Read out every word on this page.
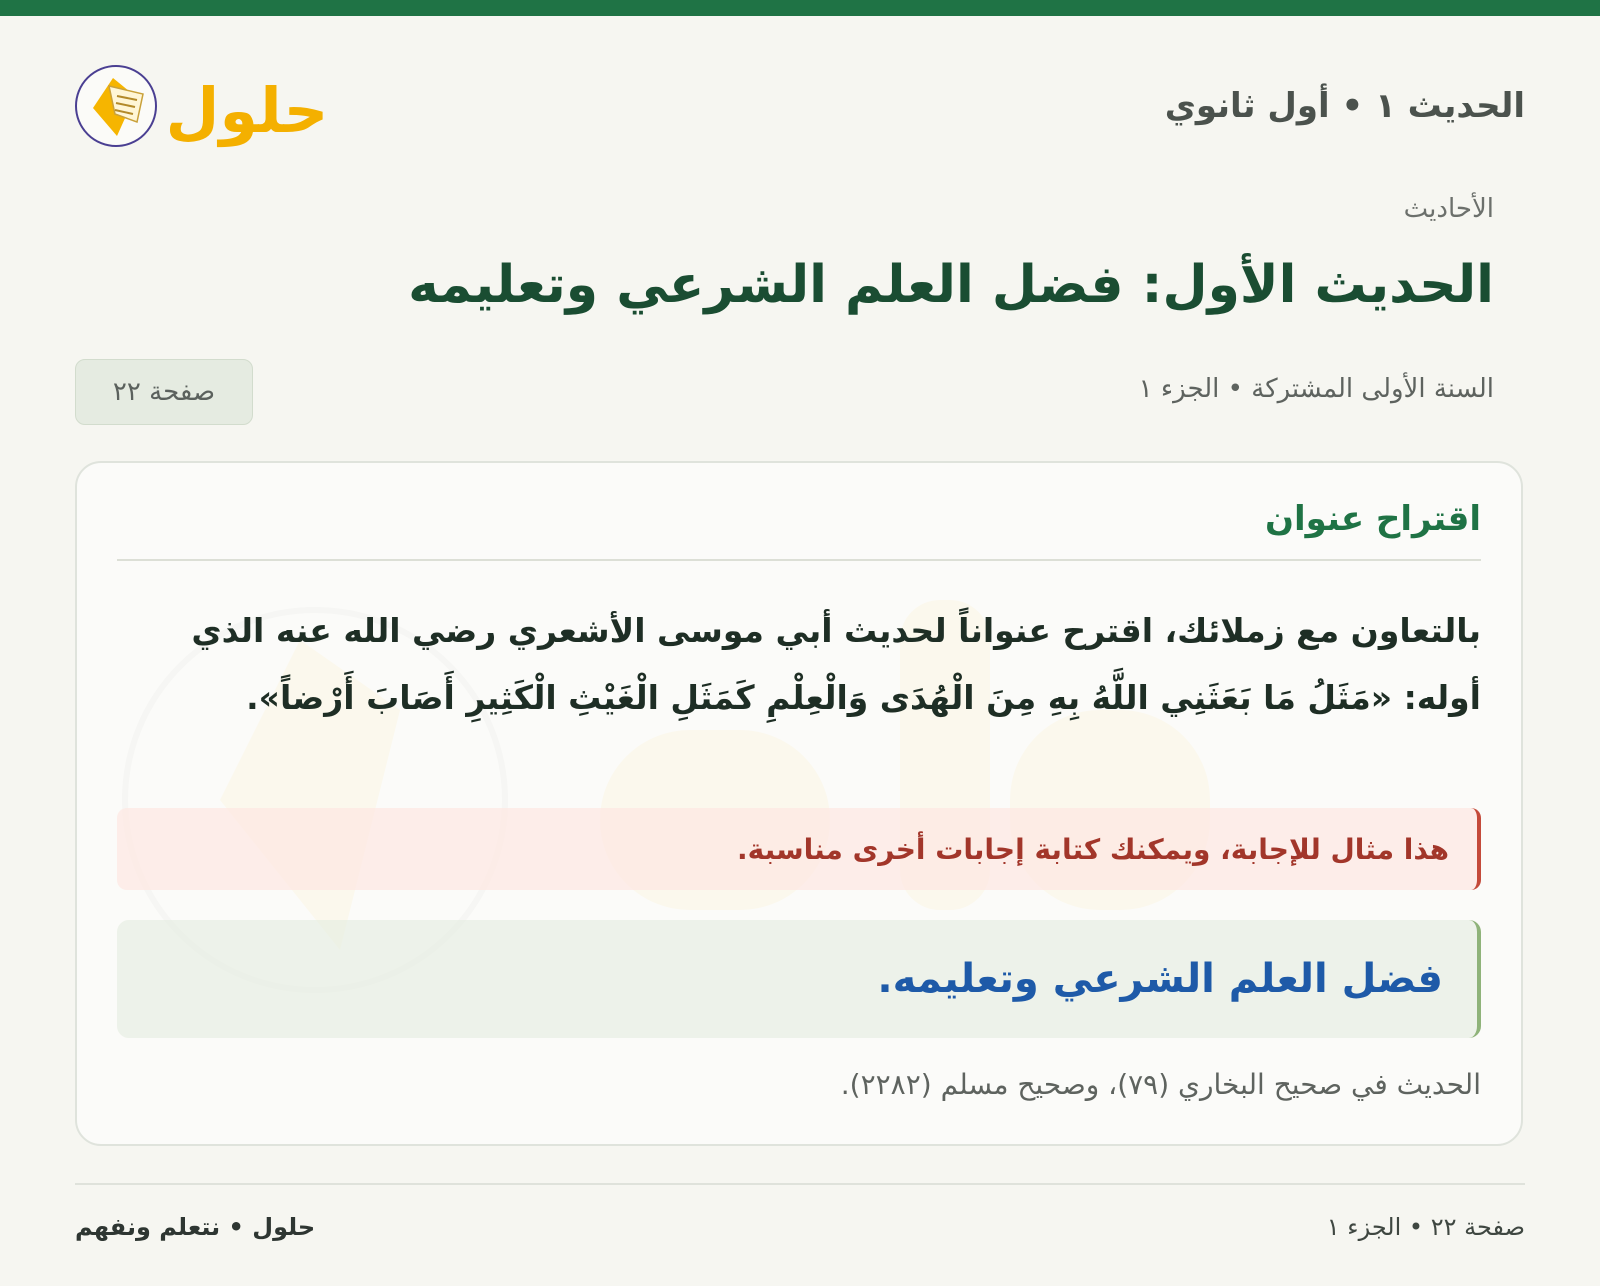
الحديث ١ • أول ثانوي
حلول
الأحاديث
الحديث الأول: فضل العلم الشرعي وتعليمه
السنة الأولى المشتركة • الجزء ١
صفحة ٢٢
اقتراح عنوان
بالتعاون مع زملائك، اقترح عنواناً لحديث أبي موسى الأشعري رضي الله عنه الذي أوله: «مَثَلُ مَا بَعَثَنِي اللَّهُ بِهِ مِنَ الْهُدَى وَالْعِلْمِ كَمَثَلِ الْغَيْثِ الْكَثِيرِ أَصَابَ أَرْضاً».
هذا مثال للإجابة، ويمكنك كتابة إجابات أخرى مناسبة.
فضل العلم الشرعي وتعليمه.
الحديث في صحيح البخاري (٧٩)، وصحيح مسلم (٢٢٨٢).
صفحة ٢٢ • الجزء ١
حلول • نتعلم ونفهم
